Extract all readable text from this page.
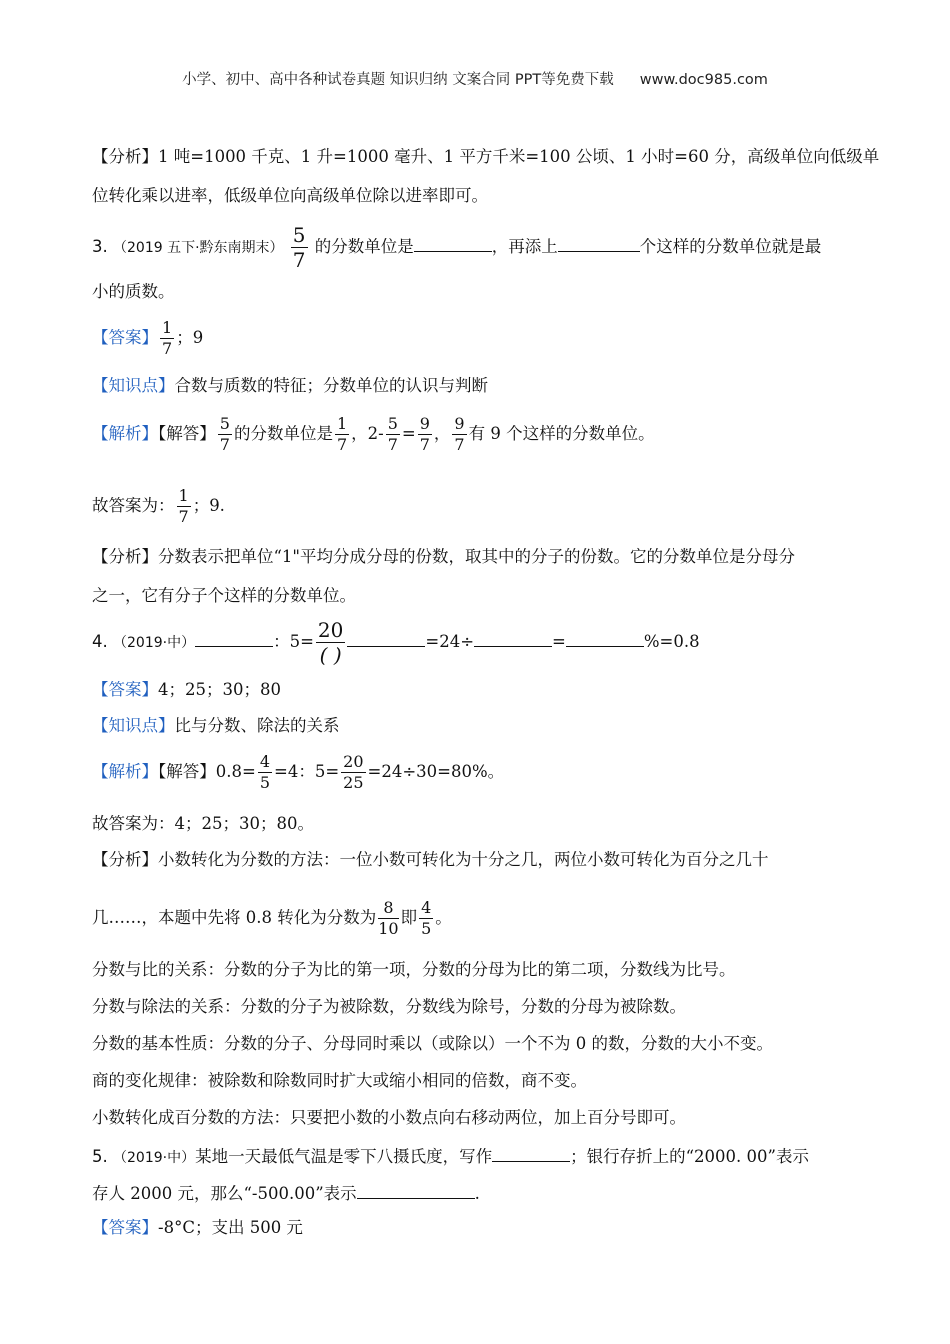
小学、初中、高中各种试卷真题 知识归纳 文案合同 PPT等免费下载 www.doc985.com
【分析】1 吨=1000 千克、1 升=1000 毫升、1 平方千米=100 公顷、1 小时=60 分，高级单位向低级单
位转化乘以进率，低级单位向高级单位除以进率即可。
3. （2019 五下·黔东南期末） $\frac{5}{7}$ 的分数单位是	，再添上	个这样的分数单位就是最
小的质数。
【答案】 $\frac{1}{7}$ ；9
【知识点】合数与质数的特征；分数单位的认识与判断
【解析】【解答】 $\frac{5}{7}$ 的分数单位是 $\frac{1}{7}$ ，$2- \frac{5}{7} = \frac{9}{7}$ ， $\frac{9}{7}$ 有 9 个这样的分数单位。
故答案为： $\frac{1}{7}$ ；9.
【分析】分数表示把单位“1"平均分成分母的份数，取其中的分子的份数。它的分数单位是分母分
之一，它有分子个这样的分数单位。
4. （2019·中）	：$5= \frac{20}{( )}$	=24÷	=	%=0.8
【答案】4；25；30；80
【知识点】比与分数、除法的关系
【解析】【解答】$0.8= \frac{4}{5} =4$：$5= \frac{20}{25} =24\div 30=80\%$。
故答案为：4；25；30；80。
【分析】小数转化为分数的方法：一位小数可转化为十分之几，两位小数可转化为百分之几十
几……，本题中先将 0.8 转化为分数为 $\frac{8}{10}$ 即 $\frac{4}{5}$ 。
分数与比的关系：分数的分子为比的第一项，分数的分母为比的第二项，分数线为比号。
分数与除法的关系：分数的分子为被除数，分数线为除号，分数的分母为被除数。
分数的基本性质：分数的分子、分母同时乘以（或除以）一个不为 0 的数，分数的大小不变。
商的变化规律：被除数和除数同时扩大或缩小相同的倍数，商不变。
小数转化成百分数的方法：只要把小数的小数点向右移动两位，加上百分号即可。
5. （2019·中）某地一天最低气温是零下八摄氏度，写作	；银行存折上的“2000. 00”表示
存人 2000 元，那么“-500.00”表示	.
【答案】-8°C；支出 500 元
